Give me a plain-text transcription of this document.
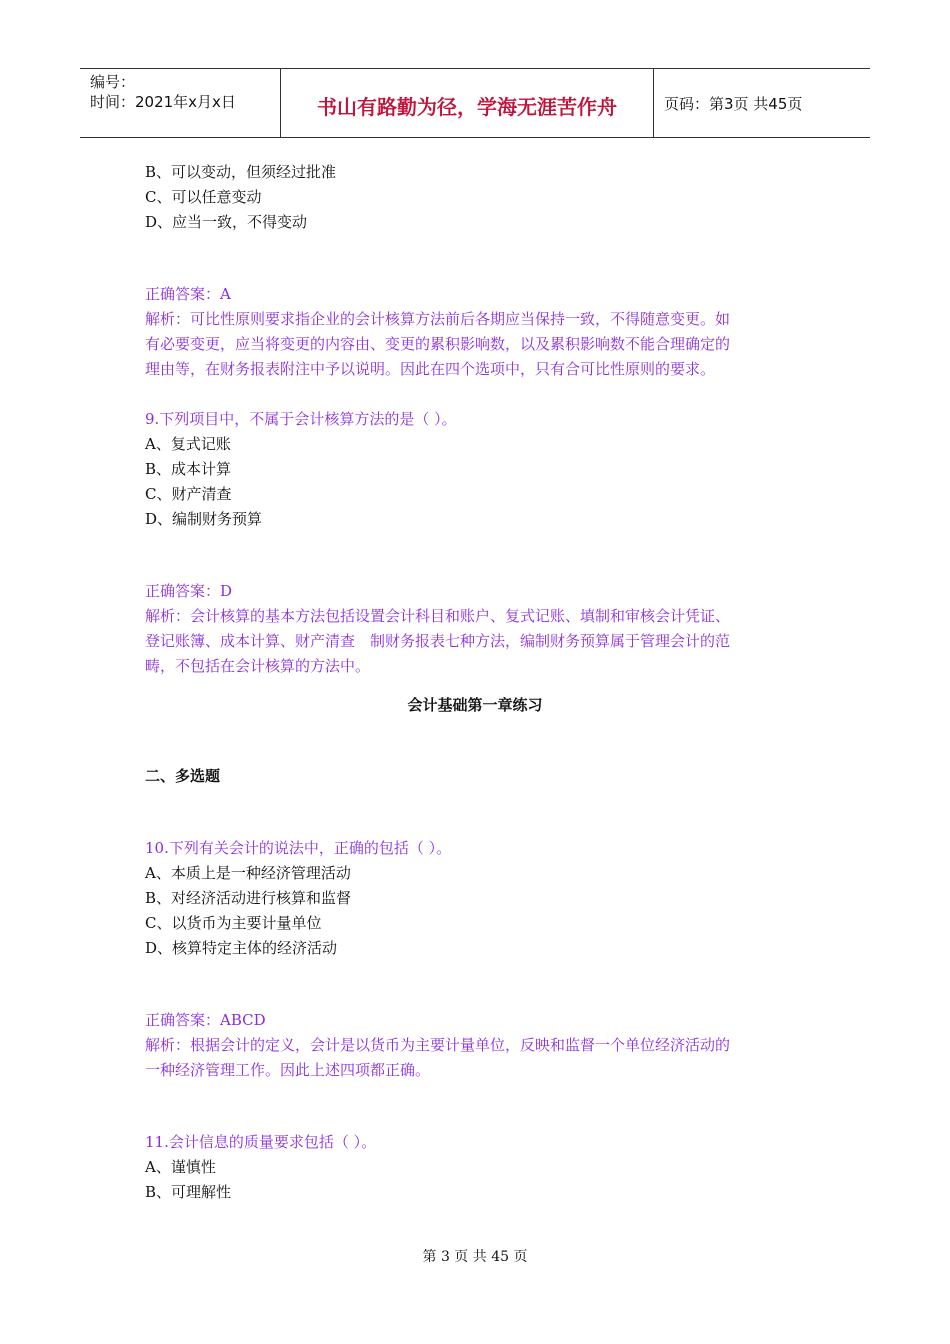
编号：
时间：2021年x月x日	书山有路勤为径，学海无涯苦作舟	页码：第3页 共45页

B、可以变动，但须经过批准

C、可以任意变动

D、应当一致，不得变动

正确答案：A

解析：可比性原则要求指企业的会计核算方法前后各期应当保持一致，不得随意变更。如

有必要变更，应当将变更的内容由、变更的累积影响数，以及累积影响数不能合理确定的

理由等，在财务报表附注中予以说明。因此在四个选项中，只有合可比性原则的要求。

9.下列项目中，不属于会计核算方法的是（ ）。

A、复式记账

B、成本计算

C、财产清查

D、编制财务预算

正确答案：D

解析：会计核算的基本方法包括设置会计科目和账户、复式记账、填制和审核会计凭证、

登记账簿、成本计算、财产清查　制财务报表七种方法，编制财务预算属于管理会计的范

畴，不包括在会计核算的方法中。

会计基础第一章练习

二、多选题

10.下列有关会计的说法中，正确的包括（ ）。

A、本质上是一种经济管理活动

B、对经济活动进行核算和监督

C、以货币为主要计量单位

D、核算特定主体的经济活动

正确答案：ABCD

解析：根据会计的定义，会计是以货币为主要计量单位，反映和监督一个单位经济活动的

一种经济管理工作。因此上述四项都正确。

11.会计信息的质量要求包括（ ）。

A、谨慎性

B、可理解性

第 3 页 共 45 页
